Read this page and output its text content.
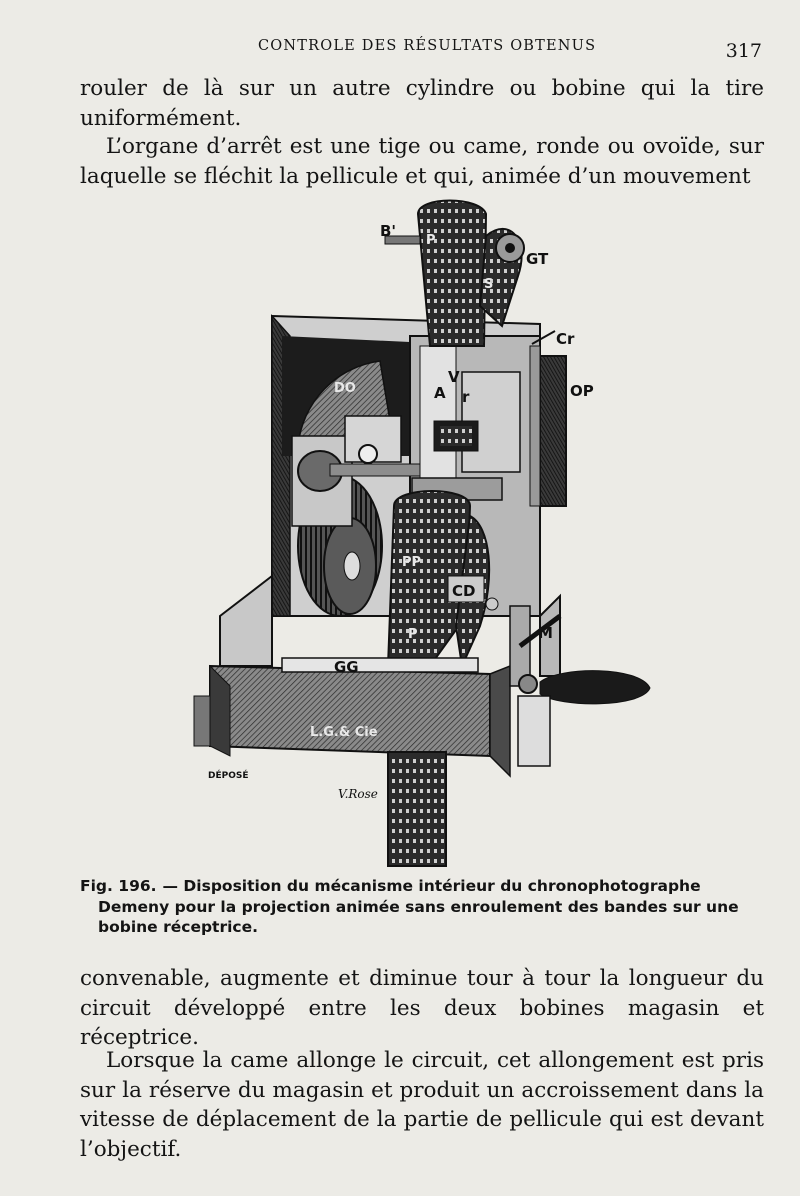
CONTROLE DES RÉSULTATS OBTENUS	317

rouler de là sur un autre cylindre ou bobine qui la tire uniformément.

L’organe d’arrêt est une tige ou came, ronde ou ovoïde, sur laquelle se fléchit la pellicule et qui, animée d’un mouvement

B'
P
S
GT
Cr
OP
DO
V
A r
PP
CD
P	M
GG
L.G.& Cie
DÉPOSÉ
V.Rose
Fig. 196. — Disposition du mécanisme intérieur du chronophotographe
Demeny pour la projection animée sans enroulement des bandes sur une
bobine réceptrice.

convenable, augmente et diminue tour à tour la longueur du circuit développé entre les deux bobines magasin et réceptrice.

Lorsque la came allonge le circuit, cet allongement est pris sur la réserve du magasin et produit un accroissement dans la vitesse de déplacement de la partie de pellicule qui est devant l’objectif.
